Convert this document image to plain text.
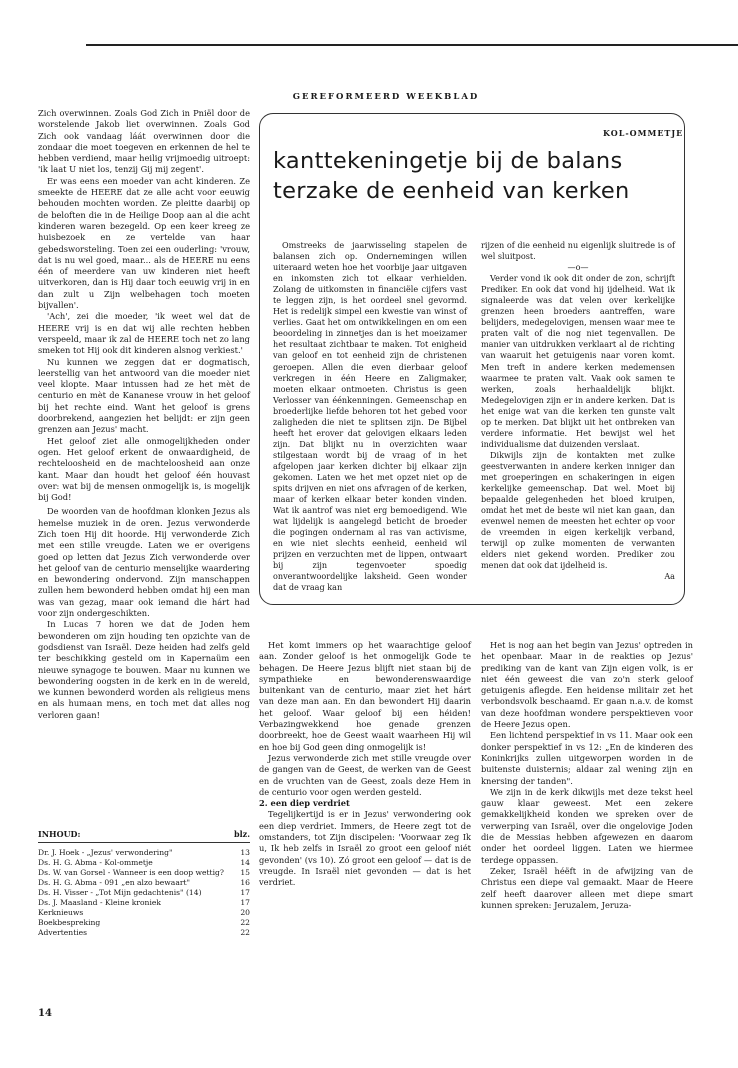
GEREFORMEERD WEEKBLAD

Zich overwinnen. Zoals God Zich in Pniël door de worstelende Jakob liet overwinnen. Zoals God Zich ook vandaag láát overwinnen door die zondaar die moet toegeven en erkennen de hel te hebben verdiend, maar heilig vrijmoedig uitroept: 'ik laat U niet los, tenzij Gij mij zegent'.

Er was eens een moeder van acht kinderen. Ze smeekte de HEERE dat ze alle acht voor eeuwig behouden mochten worden. Ze pleitte daarbij op de beloften die in de Heilige Doop aan al die acht kinderen waren bezegeld. Op een keer kreeg ze huisbezoek en ze vertelde van haar gebedsworsteling. Toen zei een ouderling: 'vrouw, dat is nu wel goed, maar... als de HEERE nu eens één of meerdere van uw kinderen niet heeft uitverkoren, dan is Hij daar toch eeuwig vrij in en dan zult u Zijn welbehagen toch moeten bijvallen'.

'Ach', zei die moeder, 'ik weet wel dat de HEERE vrij is en dat wij alle rechten hebben verspeeld, maar ik zal de HEERE toch net zo lang smeken tot Hij ook dit kinderen alsnog verkiest.'

Nu kunnen we zeggen dat er dogmatisch, leerstellig van het antwoord van die moeder niet veel klopte. Maar intussen had ze het mèt de centurio en mèt de Kananese vrouw in het geloof bij het rechte eind. Want het geloof is grens doorbrekend, aangezien het belijdt: er zijn geen grenzen aan Jezus' macht.

Het geloof ziet alle onmogelijkheden onder ogen. Het geloof erkent de onwaardigheid, de rechteloosheid en de machteloosheid aan onze kant. Maar dan houdt het geloof één houvast over: wat bij de mensen onmogelijk is, is mogelijk bij God!

De woorden van de hoofdman klonken Jezus als hemelse muziek in de oren. Jezus verwonderde Zich toen Hij dit hoorde. Hij verwonderde Zich met een stille vreugde. Laten we er overigens goed op letten dat Jezus Zich verwonderde over het geloof van de centurio menselijke waardering en bewondering ondervond. Zijn manschappen zullen hem bewonderd hebben omdat hij een man was van gezag, maar ook iemand die hárt had voor zijn ondergeschikten.

In Lucas 7 horen we dat de Joden hem bewonderen om zijn houding ten opzichte van de godsdienst van Israël. Deze heiden had zelfs geld ter beschikking gesteld om in Kapernaüm een nieuwe synagoge te bouwen. Maar nu kunnen we bewondering oogsten in de kerk en in de wereld, we kunnen bewonderd worden als religieus mens en als humaan mens, en toch met dat alles nog verloren gaan!

KOL-OMMETJE
kanttekeningetje bij de balans
terzake de eenheid van kerken

Omstreeks de jaarwisseling stapelen de balansen zich op. Ondernemingen willen uiteraard weten hoe het voorbije jaar uitgaven en inkomsten zich tot elkaar verhielden. Zolang de uitkomsten in financiële cijfers vast te leggen zijn, is het oordeel snel gevormd. Het is redelijk simpel een kwestie van winst of verlies. Gaat het om ontwikkelingen en om een beoordeling in zinnetjes dan is het moeizamer het resultaat zichtbaar te maken. Tot enigheid van geloof en tot eenheid zijn de christenen geroepen. Allen die even dierbaar geloof verkregen in één Heere en Zaligmaker, moeten elkaar ontmoeten. Christus is geen Verlosser van éénkenningen. Gemeenschap en broederlijke liefde behoren tot het gebed voor zaligheden die niet te splitsen zijn. De Bijbel heeft het erover dat gelovigen elkaars leden zijn. Dat blijkt nu in overzichten waar stilgestaan wordt bij de vraag of in het afgelopen jaar kerken dichter bij elkaar zijn gekomen. Laten we het met opzet niet op de spits drijven en niet ons afvragen of de kerken, maar of kerken elkaar beter konden vinden. Wat ik aantrof was niet erg bemoedigend. Wie wat lijdelijk is aangelegd beticht de broeder die pogingen ondernam al ras van activisme, en wie niet slechts eenheid, eenheid wil prijzen en verzuchten met de lippen, ontwaart bij zijn tegenvoeter spoedig onverantwoordelijke laksheid. Geen wonder dat de vraag kan

rijzen of die eenheid nu eigenlijk sluitrede is of wel sluitpost.

—o—

Verder vond ik ook dit onder de zon, schrijft Prediker. En ook dat vond hij ijdelheid. Wat ik signaleerde was dat velen over kerkelijke grenzen heen broeders aantreffen, ware belijders, medegelovigen, mensen waar mee te praten valt of die nog niet tegenvallen. De manier van uitdrukken verklaart al de richting van waaruit het getuigenis naar voren komt. Men treft in andere kerken medemensen waarmee te praten valt. Vaak ook samen te werken, zoals herhaaldelijk blijkt. Medegelovigen zijn er in andere kerken. Dat is het enige wat van die kerken ten gunste valt op te merken. Dat blijkt uit het ontbreken van verdere informatie. Het bewijst wel het individualisme dat duizenden verslaat.

Dikwijls zijn de kontakten met zulke geestverwanten in andere kerken inniger dan met groeperingen en schakeringen in eigen kerkelijke gemeenschap. Dat wel. Moet bij bepaalde gelegenheden het bloed kruipen, omdat het met de beste wil niet kan gaan, dan evenwel nemen de meesten het echter op voor de vreemden in eigen kerkelijk verband, terwijl op zulke momenten de verwanten elders niet gekend worden. Prediker zou menen dat ook dat ijdelheid is.

Aa

Het komt immers op het waarachtige geloof aan. Zonder geloof is het onmogelijk Gode te behagen. De Heere Jezus blijft niet staan bij de sympathieke en bewonderenswaardige buitenkant van de centurio, maar ziet het hárt van deze man aan. En dan bewondert Hij daarin het geloof. Waar geloof bij een héiden! Verbazingwekkend hoe genade grenzen doorbreekt, hoe de Geest waait waarheen Hij wil en hoe bij God geen ding onmogelijk is!

Jezus verwonderde zich met stille vreugde over de gangen van de Geest, de werken van de Geest en de vruchten van de Geest, zoals deze Hem in de centurio voor ogen werden gesteld.

2. een diep verdriet

Tegelijkertijd is er in Jezus' verwondering ook een diep verdriet. Immers, de Heere zegt tot de omstanders, tot Zijn discipelen: 'Voorwaar zeg Ik u, Ik heb zelfs in Israël zo groot een geloof niét gevonden' (vs 10). Zó groot een geloof — dat is de vreugde. In Israël niet gevonden — dat is het verdriet.

Het is nog aan het begin van Jezus' optreden in het openbaar. Maar in de reakties op Jezus' prediking van de kant van Zijn eigen volk, is er niet één geweest die van zo'n sterk geloof getuigenis aflegde. Een heidense militair zet het verbondsvolk beschaamd. Er gaan n.a.v. de komst van deze hoofdman wondere perspektieven voor de Heere Jezus open.

Een lichtend perspektief in vs 11. Maar ook een donker perspektief in vs 12: „En de kinderen des Koninkrijks zullen uitgeworpen worden in de buitenste duisternis; aldaar zal wening zijn en knersing der tanden".

We zijn in de kerk dikwijls met deze tekst heel gauw klaar geweest. Met een zekere gemakkelijkheid konden we spreken over de verwerping van Israël, over die ongelovige Joden die de Messias hebben afgewezen en daarom onder het oordeel liggen. Laten we hiermee terdege oppassen.

Zeker, Israël héëft in de afwijzing van de Christus een diepe val gemaakt. Maar de Heere zelf heeft daarover alleen met diepe smart kunnen spreken: Jeruzalem, Jeruza-

INHOUD:	blz.
Dr. J. Hoek - „Jezus' verwondering"	13
Ds. H. G. Abma - Kol-ommetje	14
Ds. W. van Gorsel - Wanneer is een doop wettig? 15
Ds. H. G. Abma - 091 „en alzo bewaart"	16
Ds. H. Visser - „Tot Mijn gedachtenis" (14)	17
Ds. J. Maasland - Kleine kroniek	17
Kerknieuws	20
Boekbespreking	22
Advertenties	22
14
